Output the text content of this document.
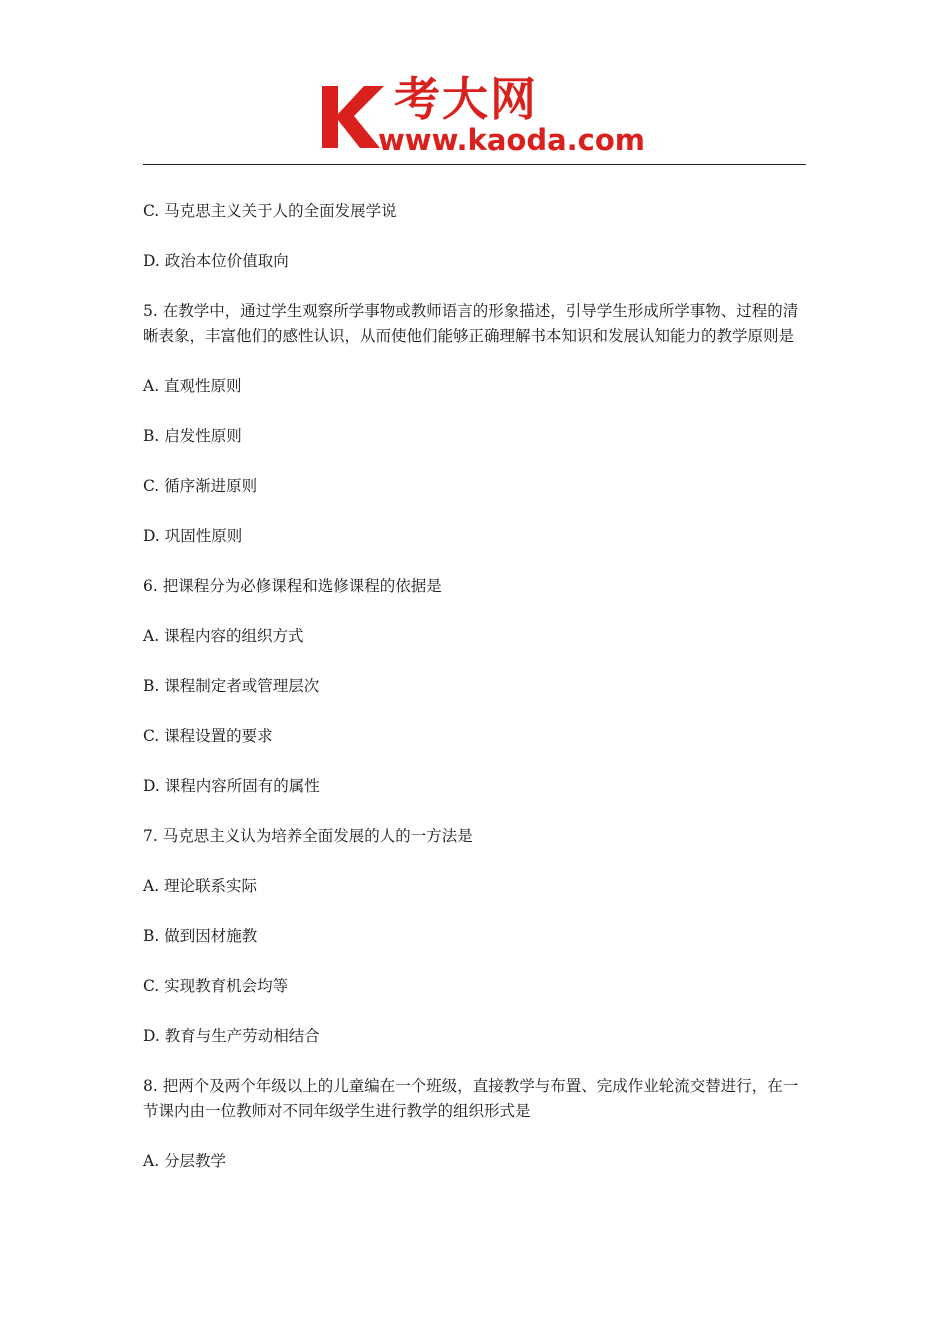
考大网
www.kaoda.com

C. 马克思主义关于人的全面发展学说

D. 政治本位价值取向

5. 在教学中，通过学生观察所学事物或教师语言的形象描述，引导学生形成所学事物、过程的清晰表象，丰富他们的感性认识，从而使他们能够正确理解书本知识和发展认知能力的教学原则是

A. 直观性原则

B. 启发性原则

C. 循序渐进原则

D. 巩固性原则

6. 把课程分为必修课程和选修课程的依据是

A. 课程内容的组织方式

B. 课程制定者或管理层次

C. 课程设置的要求

D. 课程内容所固有的属性

7. 马克思主义认为培养全面发展的人的一方法是

A. 理论联系实际

B. 做到因材施教

C. 实现教育机会均等

D. 教育与生产劳动相结合

8. 把两个及两个年级以上的儿童编在一个班级，直接教学与布置、完成作业轮流交替进行，在一节课内由一位教师对不同年级学生进行教学的组织形式是

A. 分层教学
